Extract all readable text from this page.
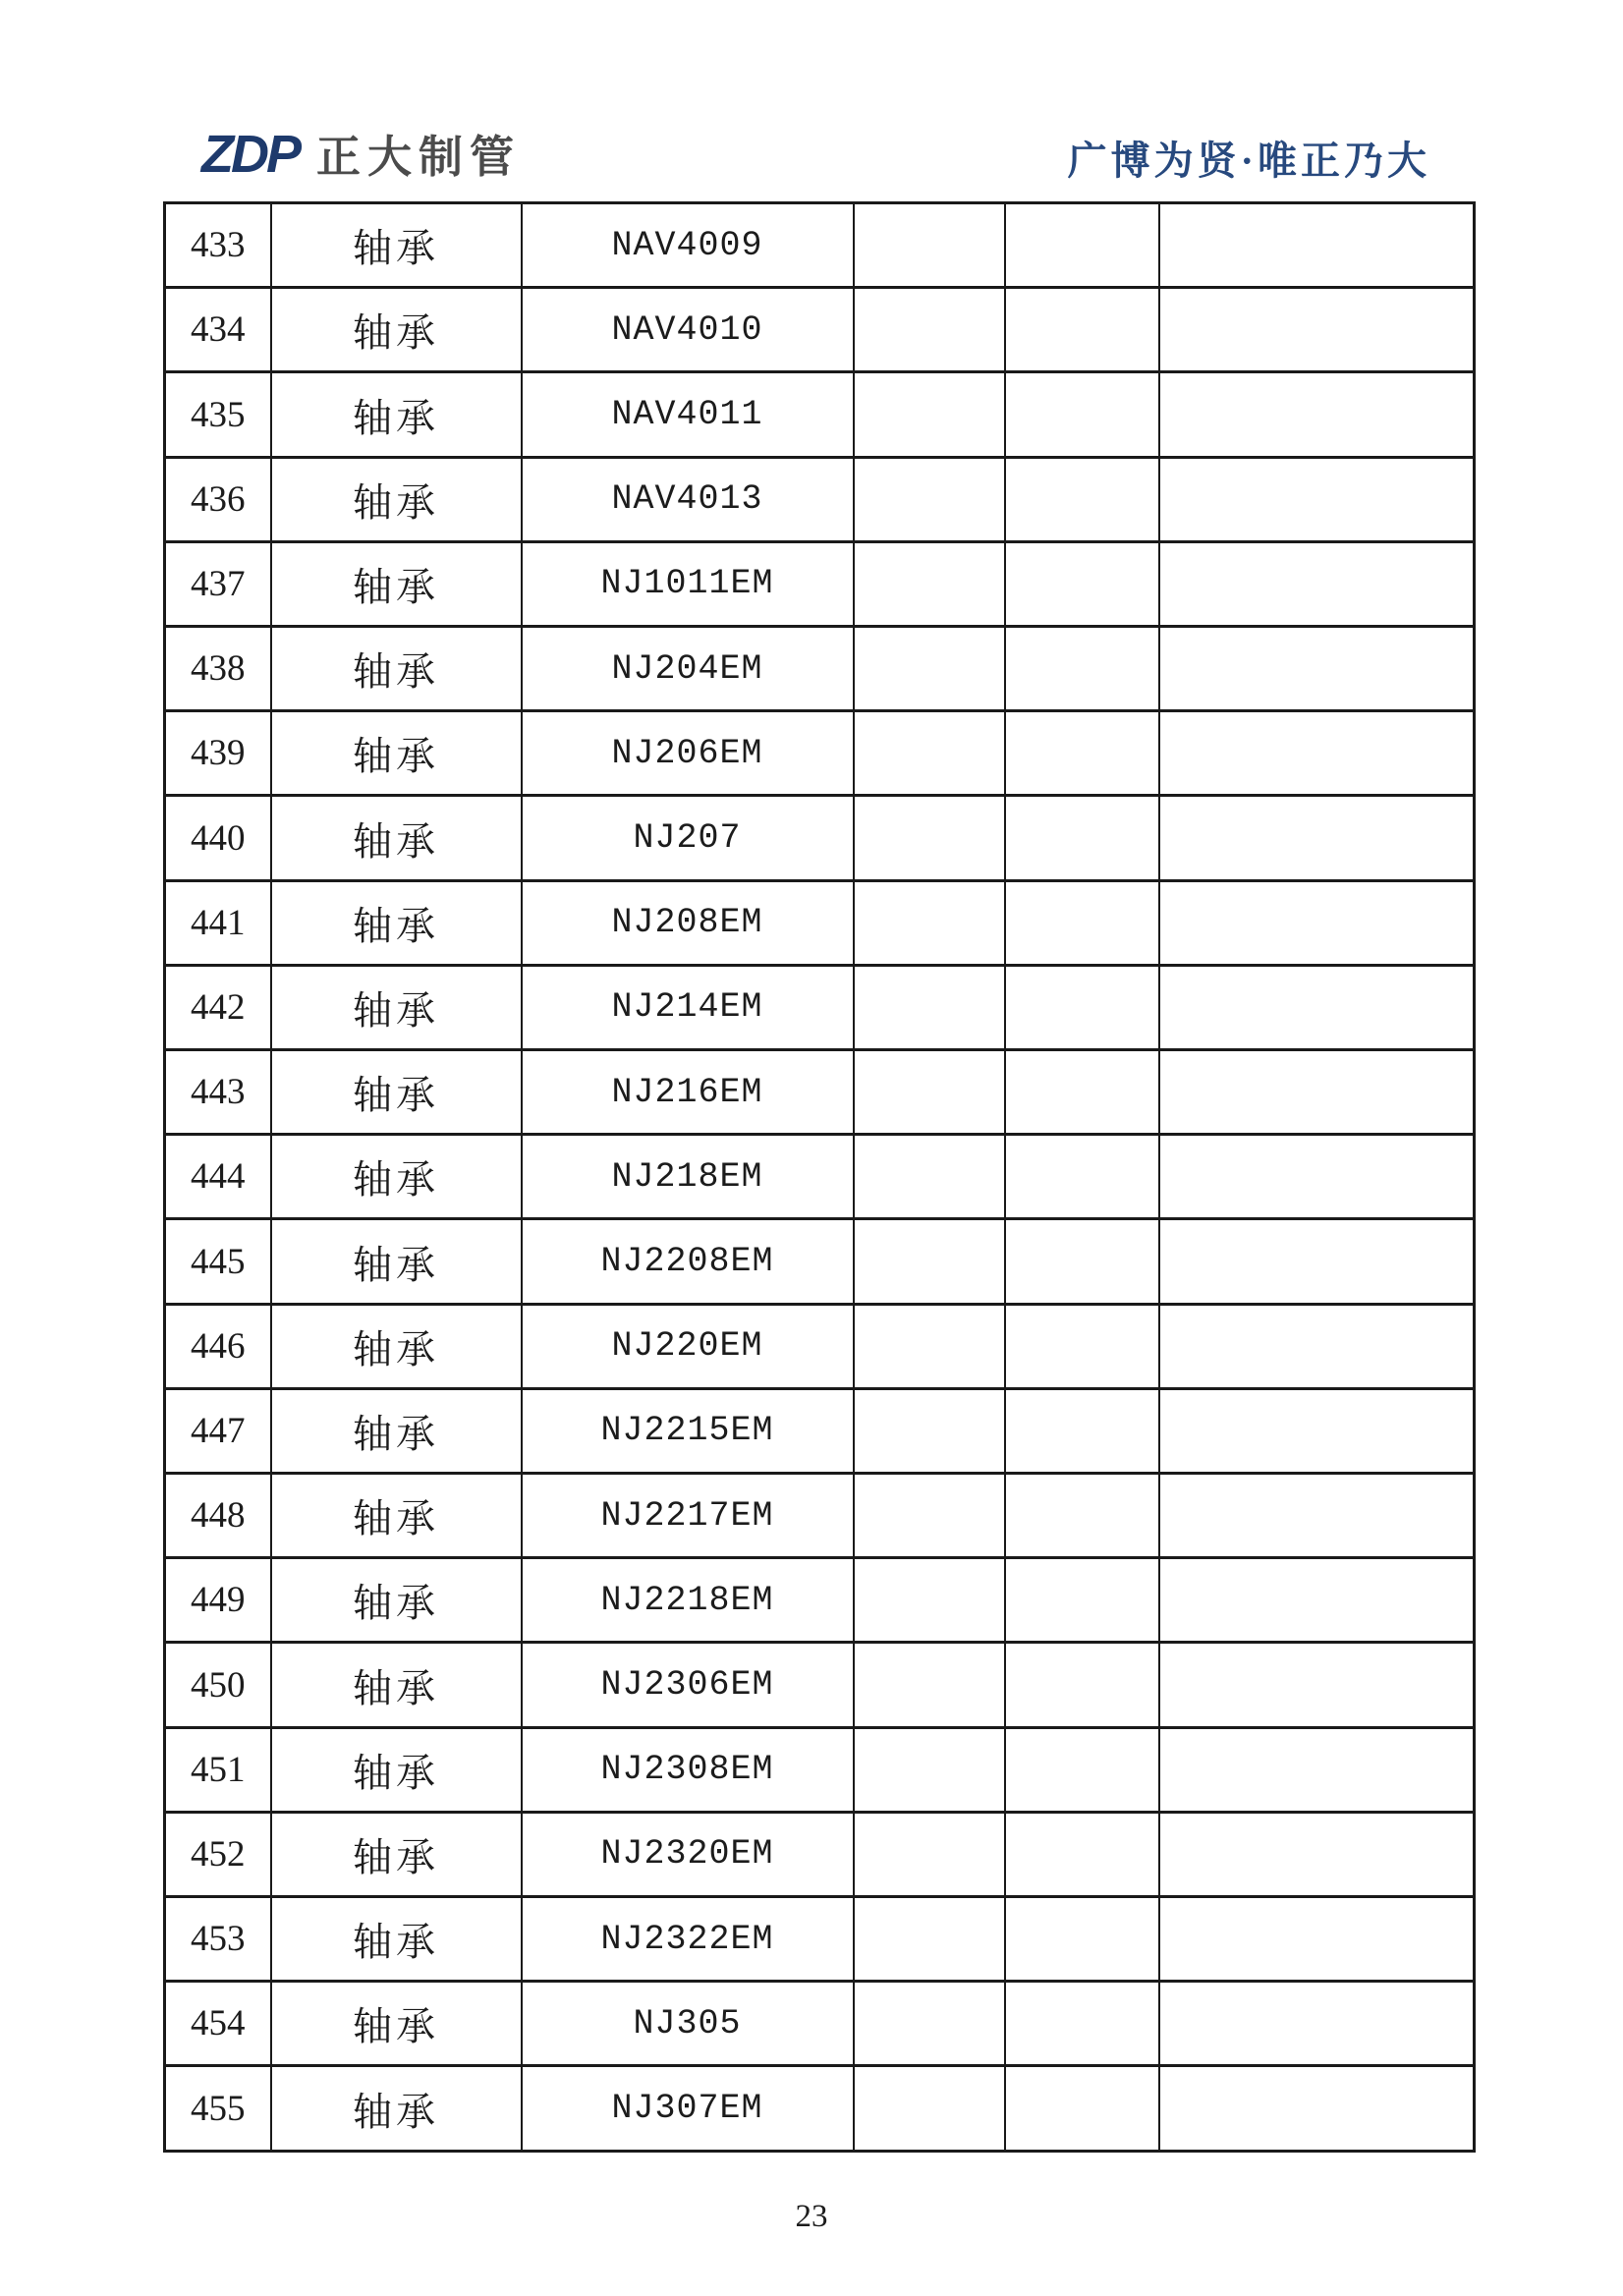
ZDP 正大制管	广博为贤·唯正乃大
433	轴承	NAV4009			
434	轴承	NAV4010			
435	轴承	NAV4011			
436	轴承	NAV4013			
437	轴承	NJ1011EM			
438	轴承	NJ204EM			
439	轴承	NJ206EM			
440	轴承	NJ207			
441	轴承	NJ208EM			
442	轴承	NJ214EM			
443	轴承	NJ216EM			
444	轴承	NJ218EM			
445	轴承	NJ2208EM			
446	轴承	NJ220EM			
447	轴承	NJ2215EM			
448	轴承	NJ2217EM			
449	轴承	NJ2218EM			
450	轴承	NJ2306EM			
451	轴承	NJ2308EM			
452	轴承	NJ2320EM			
453	轴承	NJ2322EM			
454	轴承	NJ305			
455	轴承	NJ307EM			
23
